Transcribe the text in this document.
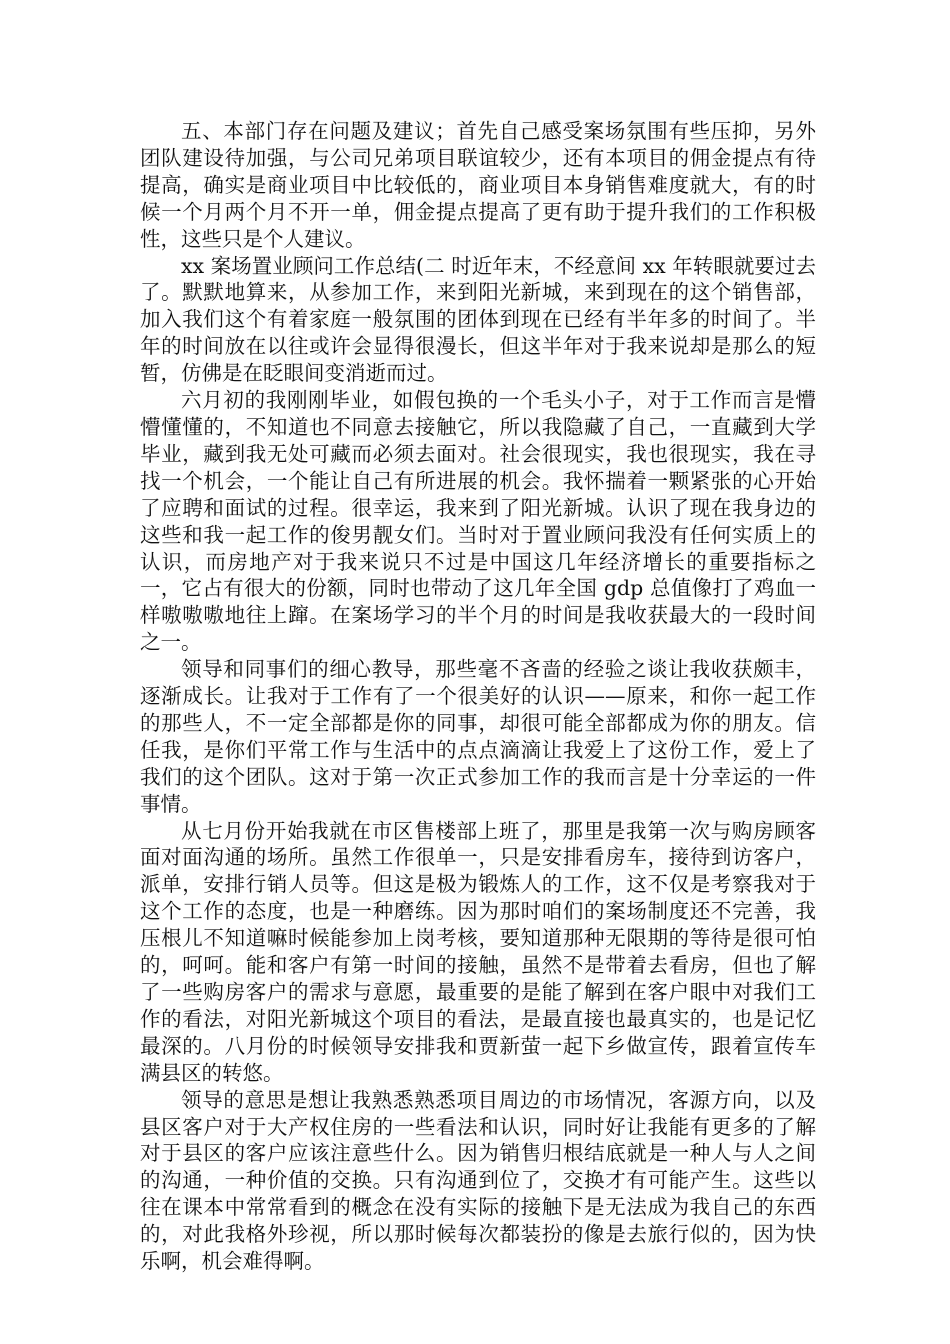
五、本部门存在问题及建议；首先自己感受案场氛围有些压抑，另外团队建设待加强，与公司兄弟项目联谊较少，还有本项目的佣金提点有待提高，确实是商业项目中比较低的，商业项目本身销售难度就大，有的时候一个月两个月不开一单，佣金提点提高了更有助于提升我们的工作积极性，这些只是个人建议。

xx 案场置业顾问工作总结(二 时近年末，不经意间 xx 年转眼就要过去了。默默地算来，从参加工作，来到阳光新城，来到现在的这个销售部，加入我们这个有着家庭一般氛围的团体到现在已经有半年多的时间了。半年的时间放在以往或许会显得很漫长，但这半年对于我来说却是那么的短暂，仿佛是在眨眼间变消逝而过。

六月初的我刚刚毕业，如假包换的一个毛头小子，对于工作而言是懵懵懂懂的，不知道也不同意去接触它，所以我隐藏了自己，一直藏到大学毕业，藏到我无处可藏而必须去面对。社会很现实，我也很现实，我在寻找一个机会，一个能让自己有所进展的机会。我怀揣着一颗紧张的心开始了应聘和面试的过程。很幸运，我来到了阳光新城。认识了现在我身边的这些和我一起工作的俊男靓女们。当时对于置业顾问我没有任何实质上的认识，而房地产对于我来说只不过是中国这几年经济增长的重要指标之一，它占有很大的份额，同时也带动了这几年全国 gdp 总值像打了鸡血一样嗷嗷嗷地往上蹿。在案场学习的半个月的时间是我收获最大的一段时间之一。

领导和同事们的细心教导，那些毫不吝啬的经验之谈让我收获颇丰，逐渐成长。让我对于工作有了一个很美好的认识——原来，和你一起工作的那些人，不一定全部都是你的同事，却很可能全部都成为你的朋友。信任我，是你们平常工作与生活中的点点滴滴让我爱上了这份工作，爱上了我们的这个团队。这对于第一次正式参加工作的我而言是十分幸运的一件事情。

从七月份开始我就在市区售楼部上班了，那里是我第一次与购房顾客面对面沟通的场所。虽然工作很单一，只是安排看房车，接待到访客户，派单，安排行销人员等。但这是极为锻炼人的工作，这不仅是考察我对于这个工作的态度，也是一种磨练。因为那时咱们的案场制度还不完善，我压根儿不知道嘛时候能参加上岗考核，要知道那种无限期的等待是很可怕的，呵呵。能和客户有第一时间的接触，虽然不是带着去看房，但也了解了一些购房客户的需求与意愿，最重要的是能了解到在客户眼中对我们工作的看法，对阳光新城这个项目的看法，是最直接也最真实的，也是记忆最深的。八月份的时候领导安排我和贾新萤一起下乡做宣传，跟着宣传车满县区的转悠。

领导的意思是想让我熟悉熟悉项目周边的市场情况，客源方向，以及县区客户对于大产权住房的一些看法和认识，同时好让我能有更多的了解对于县区的客户应该注意些什么。因为销售归根结底就是一种人与人之间的沟通，一种价值的交换。只有沟通到位了，交换才有可能产生。这些以往在课本中常常看到的概念在没有实际的接触下是无法成为我自己的东西的，对此我格外珍视，所以那时候每次都装扮的像是去旅行似的，因为快乐啊，机会难得啊。
